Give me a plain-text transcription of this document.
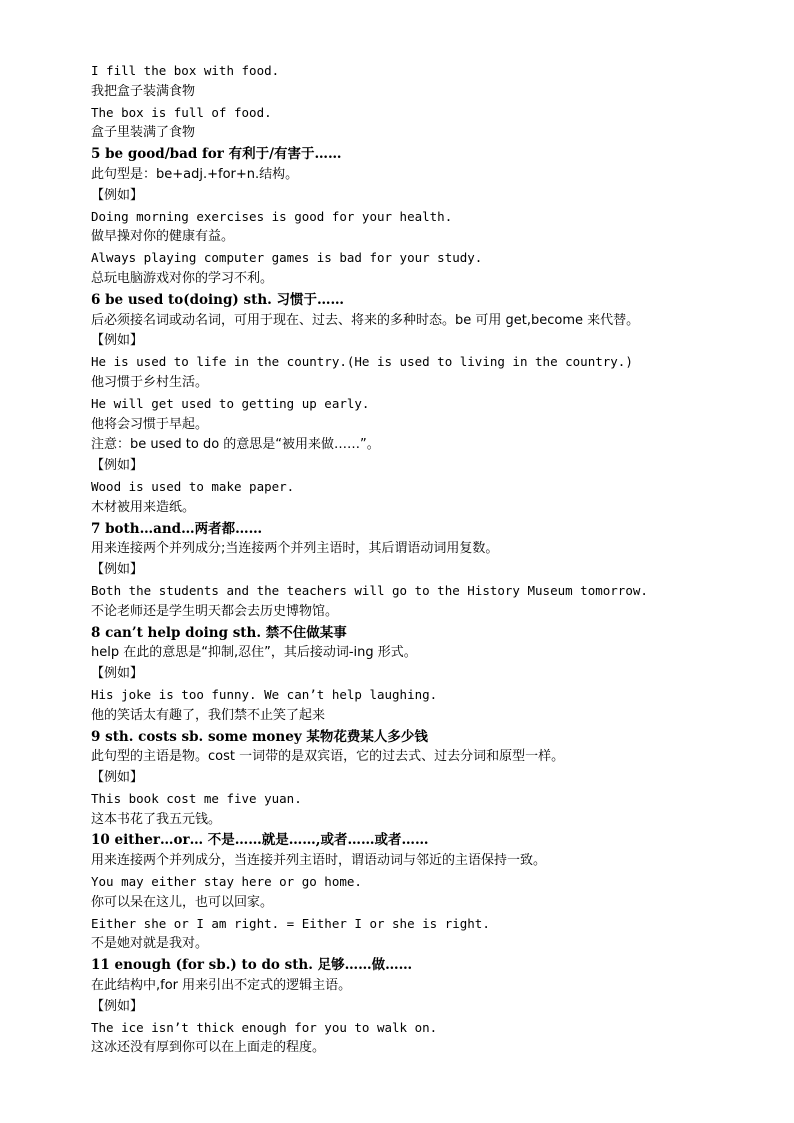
I fill the box with food.
我把盒子装满食物
The box is full of food.
盒子里装满了食物
5 be good/bad for 有利于/有害于……
此句型是：be+adj.+for+n.结构。
【例如】
Doing morning exercises is good for your health.
做早操对你的健康有益。
Always playing computer games is bad for your study.
总玩电脑游戏对你的学习不利。
6 be used to(doing) sth. 习惯于……
后必须接名词或动名词，可用于现在、过去、将来的多种时态。be 可用 get,become 来代替。
【例如】
He is used to life in the country.(He is used to living in the country.)
他习惯于乡村生活。
He will get used to getting up early.
他将会习惯于早起。
注意：be used to do 的意思是“被用来做……”。
【例如】
Wood is used to make paper.
木材被用来造纸。
7 both…and…两者都……
用来连接两个并列成分;当连接两个并列主语时，其后谓语动词用复数。
【例如】
Both the students and the teachers will go to the History Museum tomorrow.
不论老师还是学生明天都会去历史博物馆。
8 can’t help doing sth. 禁不住做某事
help 在此的意思是“抑制,忍住”，其后接动词-ing 形式。
【例如】
His joke is too funny. We can’t help laughing.
他的笑话太有趣了，我们禁不止笑了起来
9 sth. costs sb. some money 某物花费某人多少钱
此句型的主语是物。cost 一词带的是双宾语，它的过去式、过去分词和原型一样。
【例如】
This book cost me five yuan.
这本书花了我五元钱。
10 either…or… 不是……就是……,或者……或者……
用来连接两个并列成分，当连接并列主语时，谓语动词与邻近的主语保持一致。
You may either stay here or go home.
你可以呆在这儿，也可以回家。
Either she or I am right. = Either I or she is right.
不是她对就是我对。
11 enough (for sb.) to do sth. 足够……做……
在此结构中,for 用来引出不定式的逻辑主语。
【例如】
The ice isn’t thick enough for you to walk on.
这冰还没有厚到你可以在上面走的程度。
